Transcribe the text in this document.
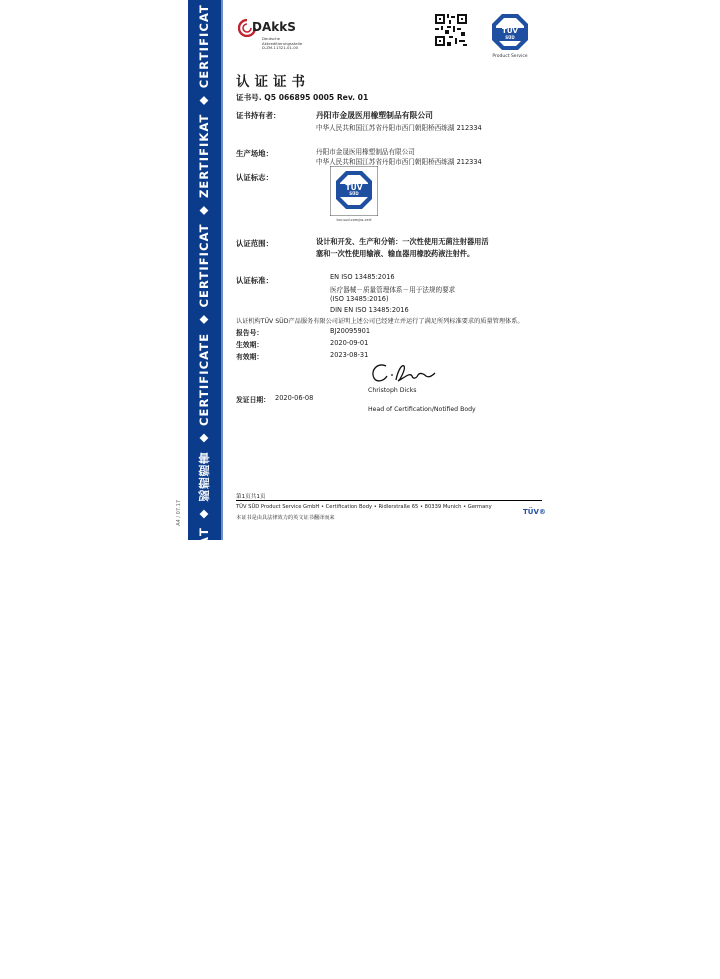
CERTIFICATE ◆ CERTIFICADO ◆ ZERTIFIKAT ◆ СЕРТИФИКАТ ◆ 認證證書 ◆ CERTIFICATE ◆ CERTIFICAT ◆ ZERTIFIKAT ◆ CERTIFICAT
A4 / 07.17
DAkkS
Deutsche
Akkreditierungsstelle
D-ZM-11321-01-00
TÜV
SÜD
Product Service
认证证书
证书号. Q5 066895 0005 Rev. 01
证书持有者：	丹阳市金晟医用橡塑制品有限公司
中华人民共和国江苏省丹阳市西门朝阳桥西练湖 212334
生产场地：	丹阳市金晟医用橡塑制品有限公司
中华人民共和国江苏省丹阳市西门朝阳桥西练湖 212334
认证标志：
TÜV
SÜD
tuv-sud.com/ps-cert
认证范围：	设计和开发、生产和分销：一次性使用无菌注射器用活
塞和一次性使用输液、输血器用橡胶药液注射件。
认证标准：	EN ISO 13485:2016
医疗器械－质量管理体系－用于法规的要求
(ISO 13485:2016)
DIN EN ISO 13485:2016
认证机构TÜV SÜD产品服务有限公司证明上述公司已经建立并运行了满足所列标准要求的质量管理体系。
报告号：	BJ20095901
生效期：	2020-09-01
有效期：	2023-08-31
Christoph Dicks
Head of Certification/Notified Body
发证日期： 2020-06-08
第1页共1页
TÜV SÜD Product Service GmbH • Certification Body • Ridlerstraße 65 • 80339 Munich • Germany
本证书是由具法律效力的英文证书翻译而来
TÜV®
